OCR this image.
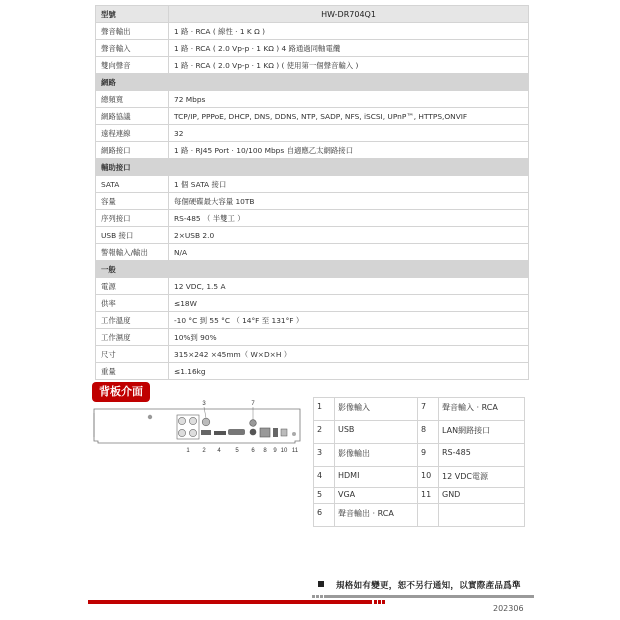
型號	HW-DR704Q1
聲音輸出	1 路 · RCA ( 線性 · 1 K Ω )
聲音輸入	1 路 · RCA ( 2.0 Vp-p · 1 KΩ ) 4 路通過同軸電纜
雙向聲音	1 路 · RCA ( 2.0 Vp-p · 1 KΩ ) ( 使用第一個聲音輸入 )
網路	
總頻寬	72 Mbps
網路協議	TCP/IP, PPPoE, DHCP, DNS, DDNS, NTP, SADP, NFS, iSCSI, UPnP™, HTTPS,ONVIF
遠程連線	32
網路接口	1 路 · RJ45 Port · 10/100 Mbps 自適應乙太網路接口
輔助接口	
SATA	1 個 SATA 接口
容量	每個硬碟最大容量 10TB
序列接口	RS-485 （ 半雙工 ）
USB 接口	2×USB 2.0
警報輸入/輸出	N/A
一般	
電源	12 VDC, 1.5 A
供率	≤18W
工作溫度	-10 °C 到 55 °C （ 14°F 至 131°F ）
工作濕度	10%到 90%
尺寸	315×242 ×45mm（ W×D×H ）
重量	≤1.16kg
背板介面
3	7
1 2 4 5 6 8 9 10 11
1	影像輸入	7	聲音輸入 · RCA
2	USB	8	LAN網路接口
3	影像輸出	9	RS-485
4	HDMI	10	12 VDC電源
5	VGA	11	GND
6	聲音輸出 · RCA		
規格如有變更，恕不另行通知，以實際產品爲準
202306
